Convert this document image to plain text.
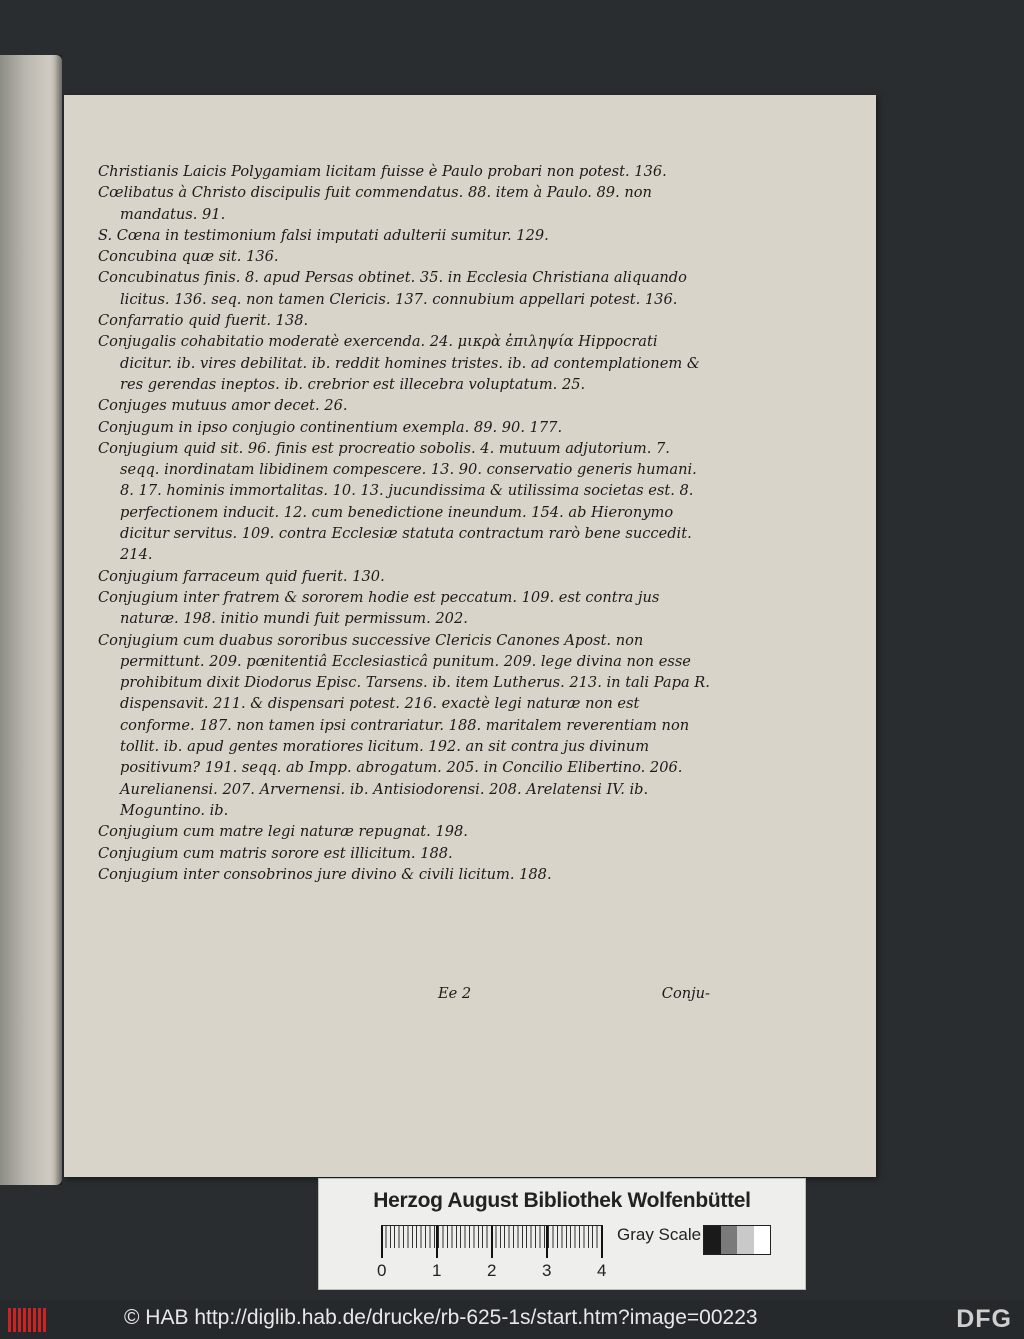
Christianis Laicis Polygamiam licitam fuisse è Paulo probari non potest. 136.

Cœlibatus à Christo discipulis fuit commendatus. 88. item à Paulo. 89. non mandatus. 91.

S. Cœna in testimonium falsi imputati adulterii sumitur. 129.

Concubina quæ sit. 136.

Concubinatus finis. 8. apud Persas obtinet. 35. in Ecclesia Christiana aliquando licitus. 136. seq. non tamen Clericis. 137. connubium appellari potest. 136.

Confarratio quid fuerit. 138.

Conjugalis cohabitatio moderatè exercenda. 24. μικρὰ ἐπιληψία Hippocrati dicitur. ib. vires debilitat. ib. reddit homines tristes. ib. ad contemplationem & res gerendas ineptos. ib. crebrior est illecebra voluptatum. 25.

Conjuges mutuus amor decet. 26.

Conjugum in ipso conjugio continentium exempla. 89. 90. 177.

Conjugium quid sit. 96. finis est procreatio sobolis. 4. mutuum adjutorium. 7. seqq. inordinatam libidinem compescere. 13. 90. conservatio generis humani. 8. 17. hominis immortalitas. 10. 13. jucundissima & utilissima societas est. 8. perfectionem inducit. 12. cum benedictione ineundum. 154. ab Hieronymo dicitur servitus. 109. contra Ecclesiæ statuta contractum rarò bene succedit. 214.

Conjugium farraceum quid fuerit. 130.

Conjugium inter fratrem & sororem hodie est peccatum. 109. est contra jus naturæ. 198. initio mundi fuit permissum. 202.

Conjugium cum duabus sororibus successive Clericis Canones Apost. non permittunt. 209. pœnitentiâ Ecclesiasticâ punitum. 209. lege divina non esse prohibitum dixit Diodorus Episc. Tarsens. ib. item Lutherus. 213. in tali Papa R. dispensavit. 211. & dispensari potest. 216. exactè legi naturæ non est conforme. 187. non tamen ipsi contrariatur. 188. maritalem reverentiam non tollit. ib. apud gentes moratiores licitum. 192. an sit contra jus divinum positivum? 191. seqq. ab Impp. abrogatum. 205. in Concilio Elibertino. 206. Aurelianensi. 207. Arvernensi. ib. Antisiodorensi. 208. Arelatensi IV. ib. Moguntino. ib.

Conjugium cum matre legi naturæ repugnat. 198.

Conjugium cum matris sorore est illicitum. 188.

Conjugium inter consobrinos jure divino & civili licitum. 188.

Ee 2	Conju-
Herzog August Bibliothek Wolfenbüttel
0	1	2	3	4
Gray Scale
© HAB http://diglib.hab.de/drucke/rb-625-1s/start.htm?image=00223	DFG
